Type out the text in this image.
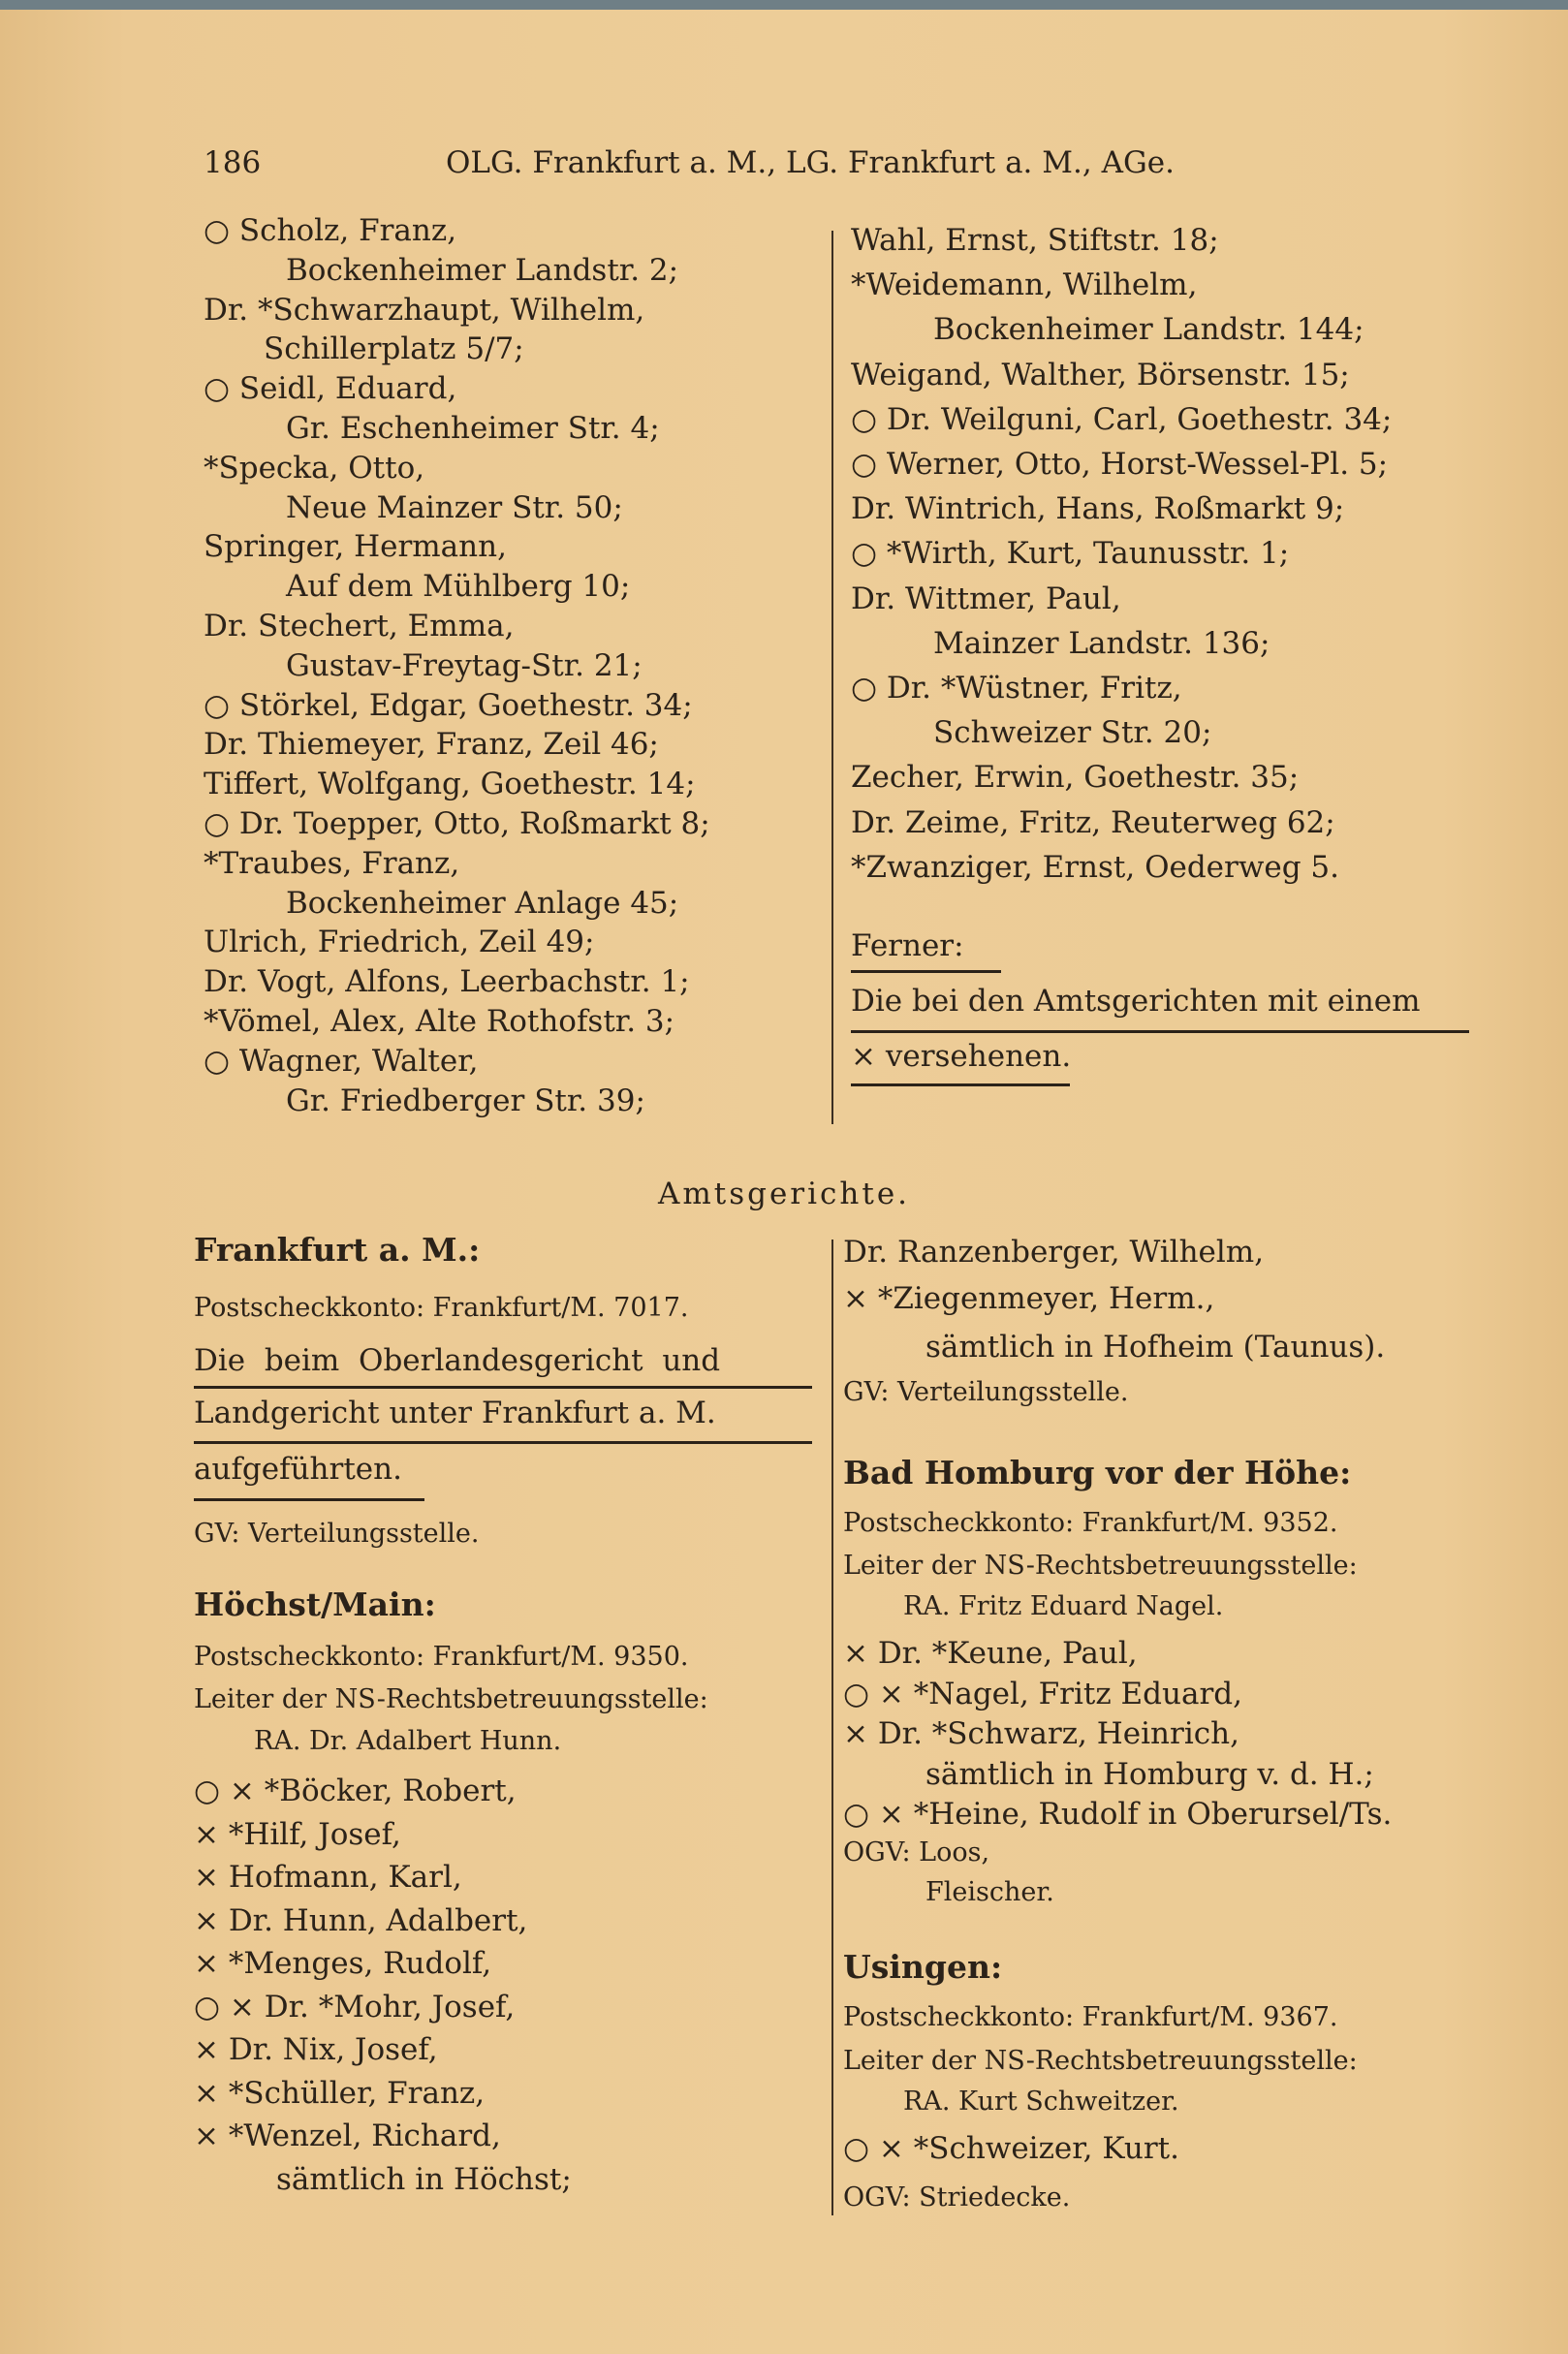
186	OLG. Frankfurt a. M., LG. Frankfurt a. M., AGe.
○ Scholz, Franz,
Bockenheimer Landstr. 2;
Dr. *Schwarzhaupt, Wilhelm,
Schillerplatz 5/7;
○ Seidl, Eduard,
Gr. Eschenheimer Str. 4;
*Specka, Otto,
Neue Mainzer Str. 50;
Springer, Hermann,
Auf dem Mühlberg 10;
Dr. Stechert, Emma,
Gustav-Freytag-Str. 21;
○ Störkel, Edgar, Goethestr. 34;
Dr. Thiemeyer, Franz, Zeil 46;
Tiffert, Wolfgang, Goethestr. 14;
○ Dr. Toepper, Otto, Roßmarkt 8;
*Traubes, Franz,
Bockenheimer Anlage 45;
Ulrich, Friedrich, Zeil 49;
Dr. Vogt, Alfons, Leerbachstr. 1;
*Vömel, Alex, Alte Rothofstr. 3;
○ Wagner, Walter,
Gr. Friedberger Str. 39;
Wahl, Ernst, Stiftstr. 18;
*Weidemann, Wilhelm,
Bockenheimer Landstr. 144;
Weigand, Walther, Börsenstr. 15;
○ Dr. Weilguni, Carl, Goethestr. 34;
○ Werner, Otto, Horst-Wessel-Pl. 5;
Dr. Wintrich, Hans, Roßmarkt 9;
○ *Wirth, Kurt, Taunusstr. 1;
Dr. Wittmer, Paul,
Mainzer Landstr. 136;
○ Dr. *Wüstner, Fritz,
Schweizer Str. 20;
Zecher, Erwin, Goethestr. 35;
Dr. Zeime, Fritz, Reuterweg 62;
*Zwanziger, Ernst, Oederweg 5.
Ferner:
Die bei den Amtsgerichten mit einem
× versehenen.
Amtsgerichte.
Frankfurt a. M.:
Postscheckkonto: Frankfurt/M. 7017.
Die  beim  Oberlandesgericht  und
Landgericht unter Frankfurt a. M.
aufgeführten.
GV: Verteilungsstelle.
Höchst/Main:
Postscheckkonto: Frankfurt/M. 9350.
Leiter der NS-Rechtsbetreuungsstelle:
RA. Dr. Adalbert Hunn.
○ × *Böcker, Robert,
× *Hilf, Josef,
× Hofmann, Karl,
× Dr. Hunn, Adalbert,
× *Menges, Rudolf,
○ × Dr. *Mohr, Josef,
× Dr. Nix, Josef,
× *Schüller, Franz,
× *Wenzel, Richard,
sämtlich in Höchst;
Dr. Ranzenberger, Wilhelm,
× *Ziegenmeyer, Herm.,
sämtlich in Hofheim (Taunus).
GV: Verteilungsstelle.
Bad Homburg vor der Höhe:
Postscheckkonto: Frankfurt/M. 9352.
Leiter der NS-Rechtsbetreuungsstelle:
RA. Fritz Eduard Nagel.
× Dr. *Keune, Paul,
○ × *Nagel, Fritz Eduard,
× Dr. *Schwarz, Heinrich,
sämtlich in Homburg v. d. H.;
○ × *Heine, Rudolf in Oberursel/Ts.
OGV: Loos,
Fleischer.
Usingen:
Postscheckkonto: Frankfurt/M. 9367.
Leiter der NS-Rechtsbetreuungsstelle:
RA. Kurt Schweitzer.
○ × *Schweizer, Kurt.
OGV: Striedecke.
